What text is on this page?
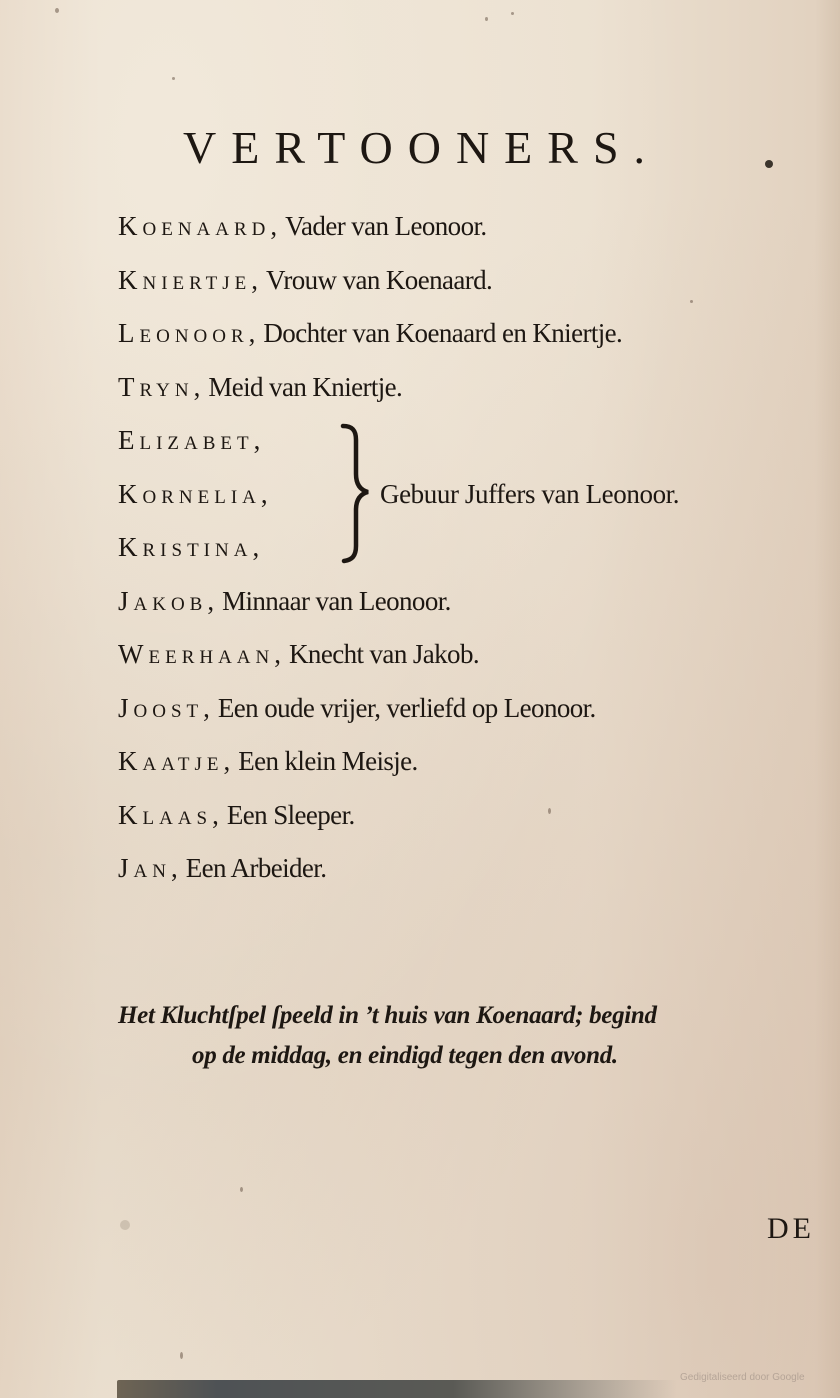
VERTOONERS.
Koenaard, Vader van Leonoor.
Kniertje, Vrouw van Koenaard.
Leonoor, Dochter van Koenaard en Kniertje.
Tryn, Meid van Kniertje.
Elizabet,
Kornelia,
Kristina,
Jakob, Minnaar van Leonoor.
Weerhaan, Knecht van Jakob.
Joost, Een oude vrijer, verliefd op Leonoor.
Kaatje, Een klein Meisje.
Klaas, Een Sleeper.
Jan, Een Arbeider.
Gebuur Juffers van Leonoor.

Het Kluchtſpel ſpeeld in ’t huis van Koenaard; begind
op de middag, en eindigd tegen den avond.

DE

Gedigitaliseerd door Google
